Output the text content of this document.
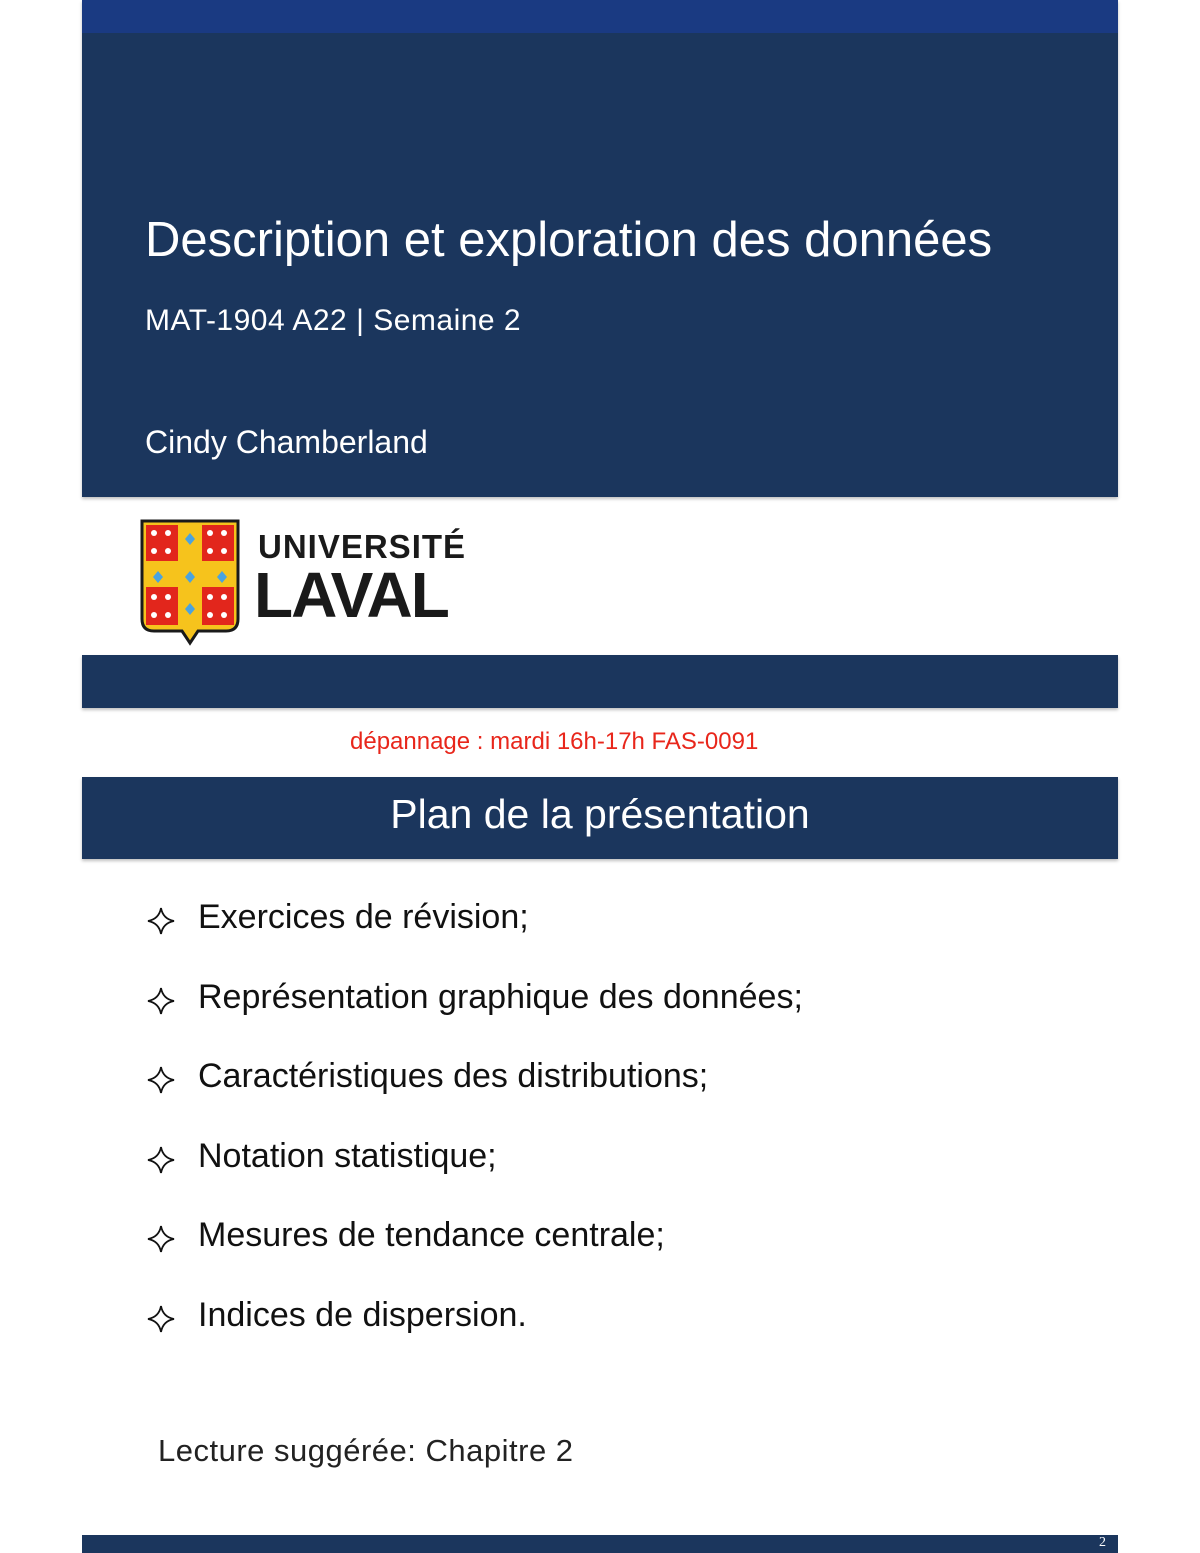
Description et exploration des données
MAT-1904 A22 | Semaine 2
Cindy Chamberland
UNIVERSITÉ
LAVAL
dépannage : mardi 16h-17h FAS-0091
Plan de la présentation
Exercices de révision;
Représentation graphique des données;
Caractéristiques des distributions;
Notation statistique;
Mesures de tendance centrale;
Indices de dispersion.
Lecture suggérée: Chapitre 2
2
